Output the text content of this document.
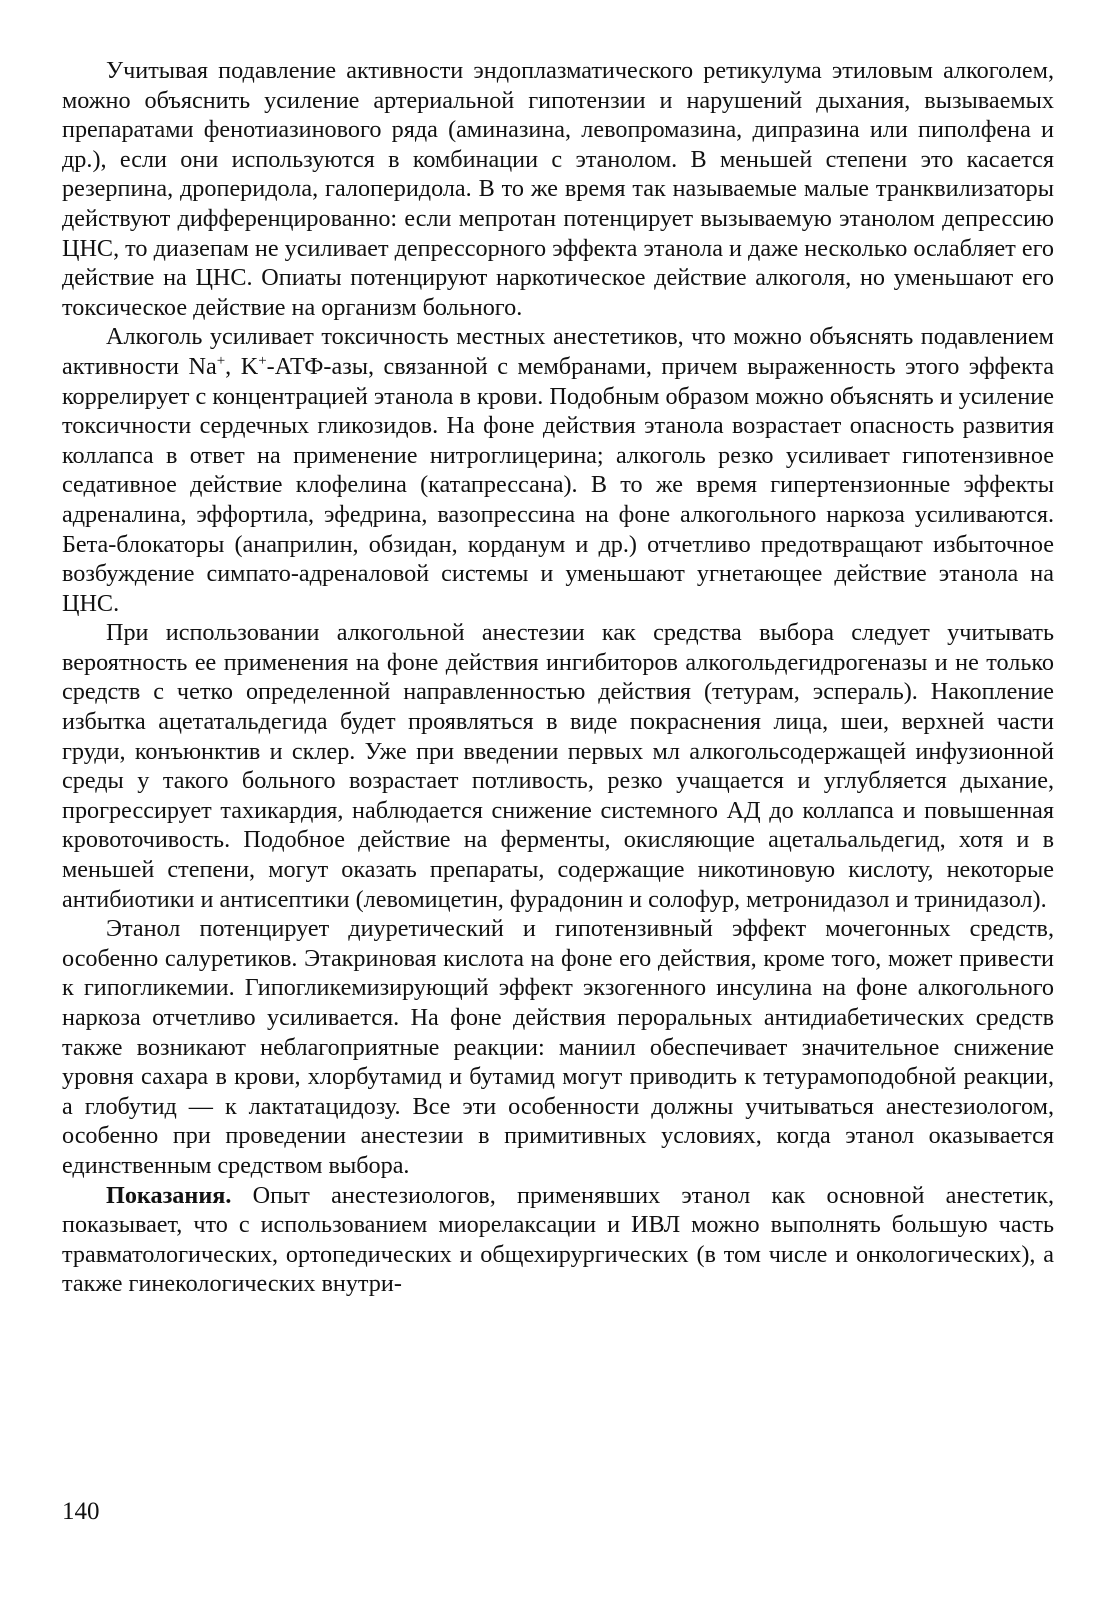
Учитывая подавление активности эндоплазматического ретикулума этиловым алкоголем, можно объяснить усиление артериальной гипотензии и нарушений дыхания, вызываемых препаратами фенотиазинового ряда (аминазина, левопромазина, дипразина или пиполфена и др.), если они используются в комбинации с этанолом. В меньшей степени это касается резерпина, дроперидола, галоперидола. В то же время так называемые малые транквилизаторы действуют дифференцированно: если мепротан потенцирует вызываемую этанолом депрессию ЦНС, то диазепам не усиливает депрессорного эффекта этанола и даже несколько ослабляет его действие на ЦНС. Опиаты потенцируют наркотическое действие алкоголя, но уменьшают его токсическое действие на организм больного.

Алкоголь усиливает токсичность местных анестетиков, что можно объяснять подавлением активности Na+, K+-АТФ-азы, связанной с мембранами, причем выраженность этого эффекта коррелирует с концентрацией этанола в крови. Подобным образом можно объяснять и усиление токсичности сердечных гликозидов. На фоне действия этанола возрастает опасность развития коллапса в ответ на применение нитроглицерина; алкоголь резко усиливает гипотензивное седативное действие клофелина (катапрессана). В то же время гипертензионные эффекты адреналина, эффортила, эфедрина, вазопрессина на фоне алкогольного наркоза усиливаются. Бета-блокаторы (анаприлин, обзидан, корданум и др.) отчетливо предотвращают избыточное возбуждение симпато-адреналовой системы и уменьшают угнетающее действие этанола на ЦНС.

При использовании алкогольной анестезии как средства выбора следует учитывать вероятность ее применения на фоне действия ингибиторов алкогольдегидрогеназы и не только средств с четко определенной направленностью действия (тетурам, эспераль). Накопление избытка ацетатальдегида будет проявляться в виде покраснения лица, шеи, верхней части груди, конъюнктив и склер. Уже при введении первых мл алкогольсодержащей инфузионной среды у такого больного возрастает потливость, резко учащается и углубляется дыхание, прогрессирует тахикардия, наблюдается снижение системного АД до коллапса и повышенная кровоточивость. Подобное действие на ферменты, окисляющие ацетальальдегид, хотя и в меньшей степени, могут оказать препараты, содержащие никотиновую кислоту, некоторые антибиотики и антисептики (левомицетин, фурадонин и солофур, метронидазол и тринидазол).

Этанол потенцирует диуретический и гипотензивный эффект мочегонных средств, особенно салуретиков. Этакриновая кислота на фоне его действия, кроме того, может привести к гипогликемии. Гипогликемизирующий эффект экзогенного инсулина на фоне алкогольного наркоза отчетливо усиливается. На фоне действия пероральных антидиабетических средств также возникают неблагоприятные реакции: маниил обеспечивает значительное снижение уровня сахара в крови, хлорбутамид и бутамид могут приводить к тетурамоподобной реакции, а глобутид — к лактатацидозу. Все эти особенности должны учитываться анестезиологом, особенно при проведении анестезии в примитивных условиях, когда этанол оказывается единственным средством выбора.

Показания. Опыт анестезиологов, применявших этанол как основной анестетик, показывает, что с использованием миорелаксации и ИВЛ можно выполнять большую часть травматологических, ортопедических и общехирургических (в том числе и онкологических), а также гинекологических внутри-

140
